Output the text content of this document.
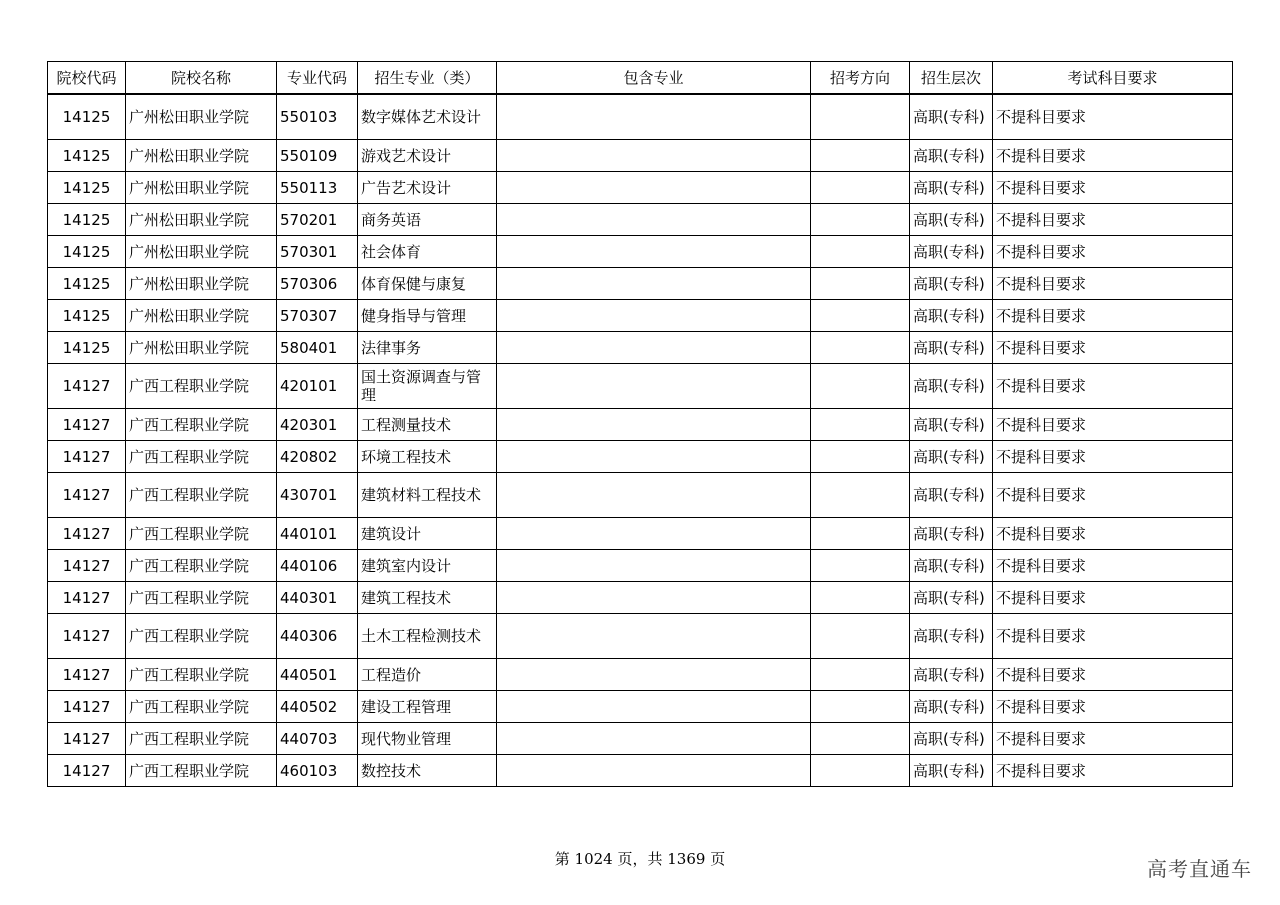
院校代码	院校名称	专业代码	招生专业（类）	包含专业	招考方向	招生层次	考试科目要求
14125	广州松田职业学院	550103	数字媒体艺术设计			高职(专科)	不提科目要求
14125	广州松田职业学院	550109	游戏艺术设计			高职(专科)	不提科目要求
14125	广州松田职业学院	550113	广告艺术设计			高职(专科)	不提科目要求
14125	广州松田职业学院	570201	商务英语			高职(专科)	不提科目要求
14125	广州松田职业学院	570301	社会体育			高职(专科)	不提科目要求
14125	广州松田职业学院	570306	体育保健与康复			高职(专科)	不提科目要求
14125	广州松田职业学院	570307	健身指导与管理			高职(专科)	不提科目要求
14125	广州松田职业学院	580401	法律事务			高职(专科)	不提科目要求
14127	广西工程职业学院	420101	国土资源调查与管理			高职(专科)	不提科目要求
14127	广西工程职业学院	420301	工程测量技术			高职(专科)	不提科目要求
14127	广西工程职业学院	420802	环境工程技术			高职(专科)	不提科目要求
14127	广西工程职业学院	430701	建筑材料工程技术			高职(专科)	不提科目要求
14127	广西工程职业学院	440101	建筑设计			高职(专科)	不提科目要求
14127	广西工程职业学院	440106	建筑室内设计			高职(专科)	不提科目要求
14127	广西工程职业学院	440301	建筑工程技术			高职(专科)	不提科目要求
14127	广西工程职业学院	440306	土木工程检测技术			高职(专科)	不提科目要求
14127	广西工程职业学院	440501	工程造价			高职(专科)	不提科目要求
14127	广西工程职业学院	440502	建设工程管理			高职(专科)	不提科目要求
14127	广西工程职业学院	440703	现代物业管理			高职(专科)	不提科目要求
14127	广西工程职业学院	460103	数控技术			高职(专科)	不提科目要求
第 1024 页，共 1369 页	高考直通车
